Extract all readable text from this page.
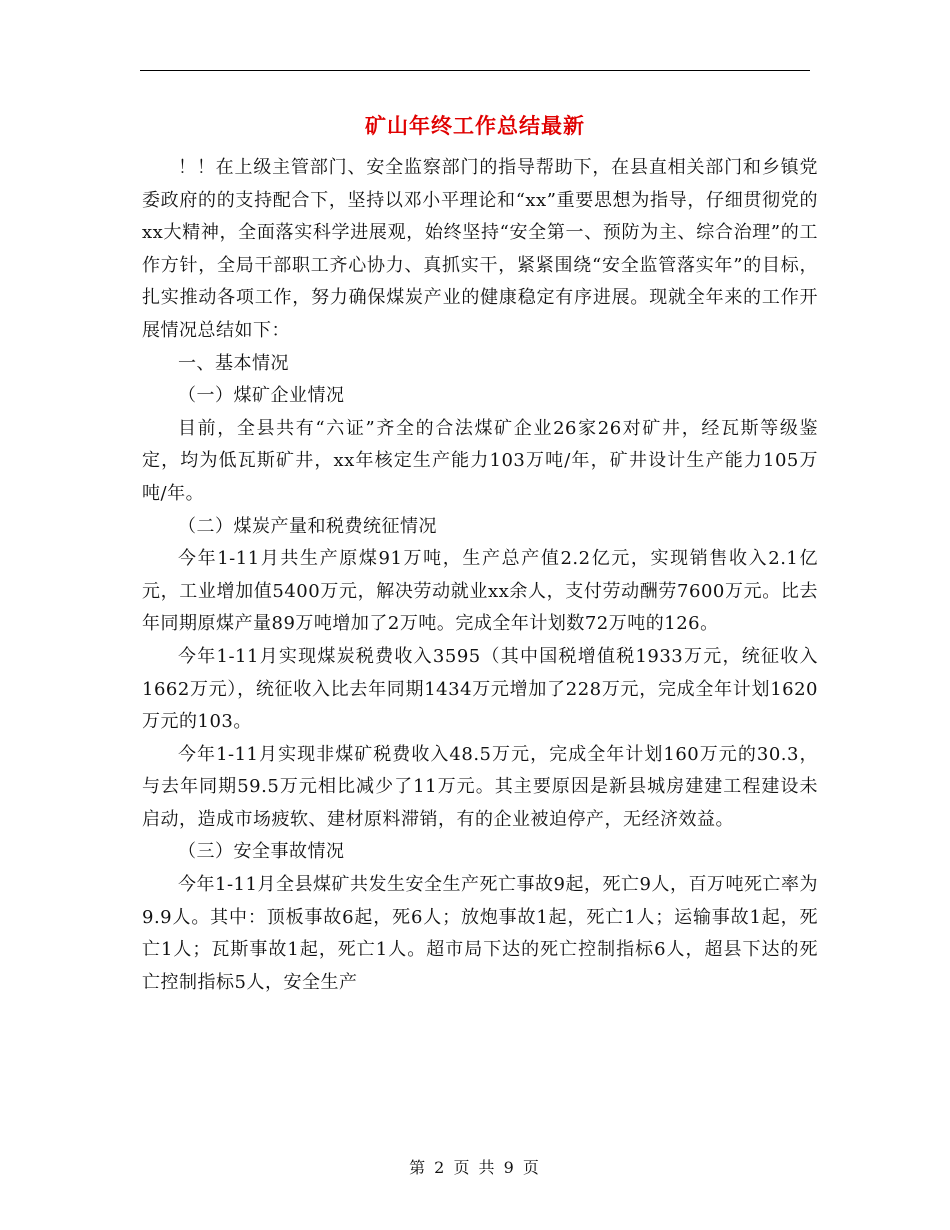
矿山年终工作总结最新

！！在上级主管部门、安全监察部门的指导帮助下，在县直相关部门和乡镇党委政府的的支持配合下，坚持以邓小平理论和“xx”重要思想为指导，仔细贯彻党的xx大精神，全面落实科学进展观，始终坚持“安全第一、预防为主、综合治理”的工作方针，全局干部职工齐心协力、真抓实干，紧紧围绕“安全监管落实年”的目标，扎实推动各项工作，努力确保煤炭产业的健康稳定有序进展。现就全年来的工作开展情况总结如下：

一、基本情况

（一）煤矿企业情况

目前，全县共有“六证”齐全的合法煤矿企业26家26对矿井，经瓦斯等级鉴定，均为低瓦斯矿井，xx年核定生产能力103万吨/年，矿井设计生产能力105万吨/年。

（二）煤炭产量和税费统征情况

今年1-11月共生产原煤91万吨，生产总产值2.2亿元，实现销售收入2.1亿元，工业增加值5400万元，解决劳动就业xx余人，支付劳动酬劳7600万元。比去年同期原煤产量89万吨增加了2万吨。完成全年计划数72万吨的126。

今年1-11月实现煤炭税费收入3595（其中国税增值税1933万元，统征收入1662万元），统征收入比去年同期1434万元增加了228万元，完成全年计划1620万元的103。

今年1-11月实现非煤矿税费收入48.5万元，完成全年计划160万元的30.3，与去年同期59.5万元相比减少了11万元。其主要原因是新县城房建建工程建设未启动，造成市场疲软、建材原料滞销，有的企业被迫停产，无经济效益。

（三）安全事故情况

今年1-11月全县煤矿共发生安全生产死亡事故9起，死亡9人，百万吨死亡率为9.9人。其中：顶板事故6起，死6人；放炮事故1起，死亡1人；运输事故1起，死亡1人；瓦斯事故1起，死亡1人。超市局下达的死亡控制指标6人，超县下达的死亡控制指标5人，安全生产

第 2 页 共 9 页
